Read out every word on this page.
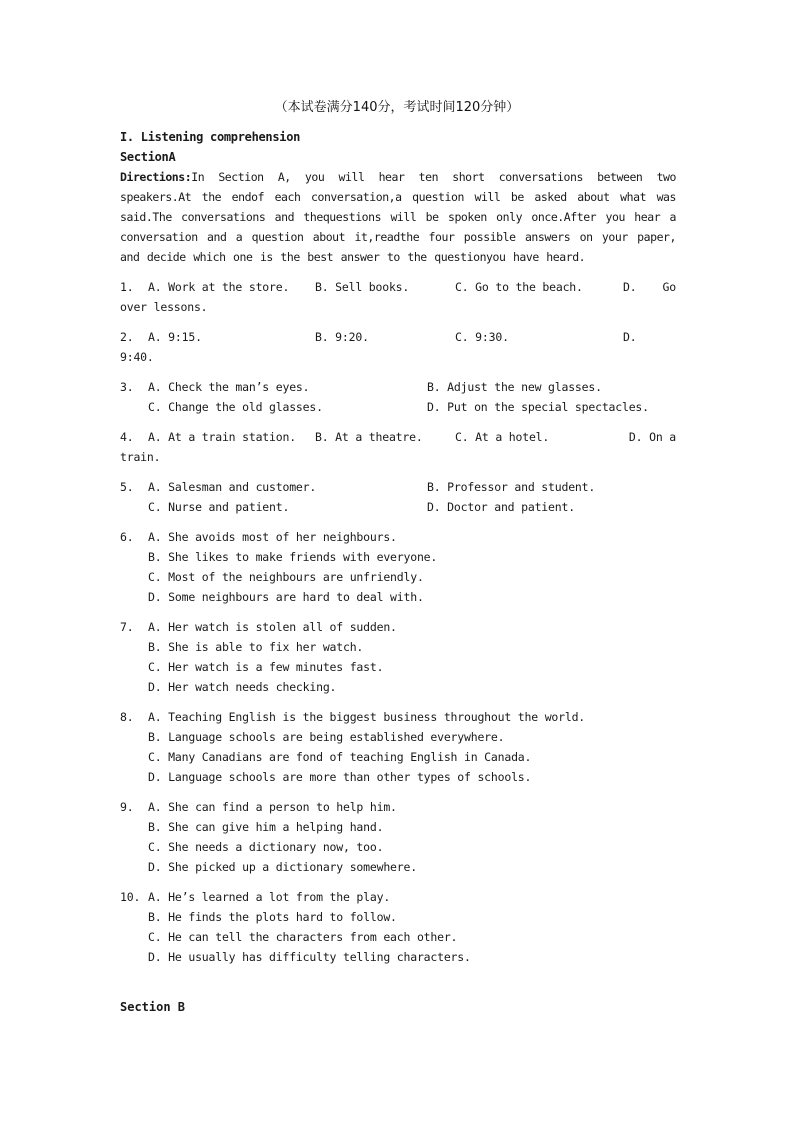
（本试卷满分140分，考试时间120分钟）
I. Listening comprehension
SectionA
Directions:In Section A, you will hear ten short conversations between two speakers.At the endof each conversation,a question will be asked about what was said.The conversations and thequestions will be spoken only once.After you hear a conversation and a question about it,readthe four possible answers on your paper, and decide which one is the best answer to the questionyou have heard.
1.	A. Work at the store.	B. Sell books.	C. Go to the beach.	D.	Go
over lessons.
2.	A. 9:15.	B. 9:20.	C. 9:30.	D.
9:40.
3.	A. Check the man’s eyes.	B. Adjust the new glasses.
C. Change the old glasses.	D. Put on the special spectacles.
4.	A. At a train station.	B. At a theatre.	C. At a hotel.	D. On a
train.
5.	A. Salesman and customer.	B. Professor and student.
C. Nurse and patient.	D. Doctor and patient.
6.	A. She avoids most of her neighbours.
B. She likes to make friends with everyone.
C. Most of the neighbours are unfriendly.
D. Some neighbours are hard to deal with.
7.	A. Her watch is stolen all of sudden.
B. She is able to fix her watch.
C. Her watch is a few minutes fast.
D. Her watch needs checking.
8.	A. Teaching English is the biggest business throughout the world.
B. Language schools are being established everywhere.
C. Many Canadians are fond of teaching English in Canada.
D. Language schools are more than other types of schools.
9.	A. She can find a person to help him.
B. She can give him a helping hand.
C. She needs a dictionary now, too.
D. She picked up a dictionary somewhere.
10. A. He’s learned a lot from the play.
B. He finds the plots hard to follow.
C. He can tell the characters from each other.
D. He usually has difficulty telling characters.
Section B
